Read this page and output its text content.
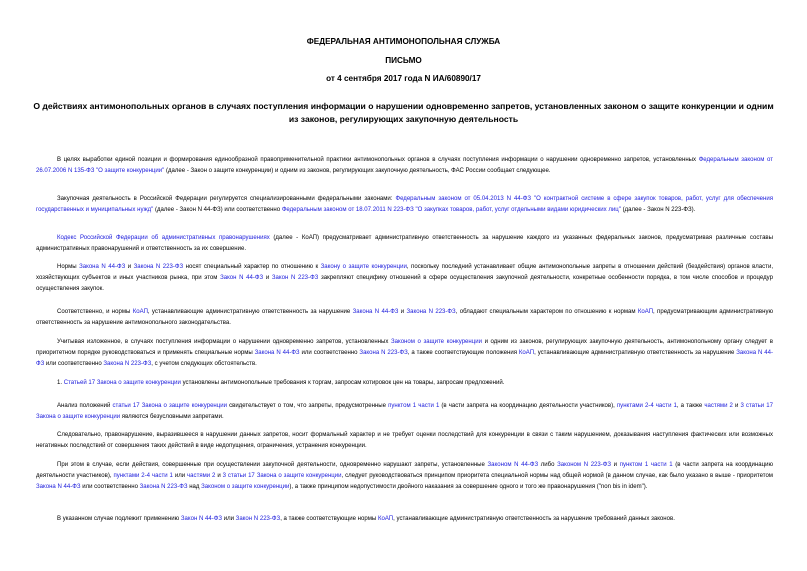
ФЕДЕРАЛЬНАЯ АНТИМОНОПОЛЬНАЯ СЛУЖБА

ПИСЬМО

от 4 сентября 2017 года N ИА/60890/17

О действиях антимонопольных органов в случаях поступления информации о нарушении одновременно запретов, установленных законом о защите конкуренции и одним из законов, регулирующих закупочную деятельность

В целях выработки единой позиции и формирования единообразной правоприменительной практики антимонопольных органов в случаях поступления информации о нарушении одновременно запретов, установленных Федеральным законом от 26.07.2006 N 135-ФЗ "О защите конкуренции" (далее - Закон о защите конкуренции) и одним из законов, регулирующих закупочную деятельность, ФАС России сообщает следующее.

Закупочная деятельность в Российской Федерации регулируется специализированными федеральными законами: Федеральным законом от 05.04.2013 N 44-ФЗ "О контрактной системе в сфере закупок товаров, работ, услуг для обеспечения государственных и муниципальных нужд" (далее - Закон N 44-ФЗ) или соответственно Федеральным законом от 18.07.2011 N 223-ФЗ "О закупках товаров, работ, услуг отдельными видами юридических лиц" (далее - Закон N 223-ФЗ).

Кодекс Российской Федерации об административных правонарушениях (далее - КоАП) предусматривает административную ответственность за нарушение каждого из указанных федеральных законов, предусматривая различные составы административных правонарушений и ответственность за их совершение.

Нормы Закона N 44-ФЗ и Закона N 223-ФЗ носят специальный характер по отношению к Закону о защите конкуренции, поскольку последний устанавливает общие антимонопольные запреты в отношении действий (бездействия) органов власти, хозяйствующих субъектов и иных участников рынка, при этом Закон N 44-ФЗ и Закон N 223-ФЗ закрепляют специфику отношений в сфере осуществления закупочной деятельности, конкретные особенности порядка, в том числе способов и процедур осуществления закупок.

Соответственно, и нормы КоАП, устанавливающие административную ответственность за нарушение Закона N 44-ФЗ и Закона N 223-ФЗ, обладают специальным характером по отношению к нормам КоАП, предусматривающим административную ответственность за нарушение антимонопольного законодательства.

Учитывая изложенное, в случаях поступления информации о нарушении одновременно запретов, установленных Законом о защите конкуренции и одним из законов, регулирующих закупочную деятельность, антимонопольному органу следует в приоритетном порядке руководствоваться и применять специальные нормы Закона N 44-ФЗ или соответственно Закона N 223-ФЗ, а также соответствующие положения КоАП, устанавливающие административную ответственность за нарушение Закона N 44-ФЗ или соответственно Закона N 223-ФЗ, с учетом следующих обстоятельств.

1. Статьей 17 Закона о защите конкуренции установлены антимонопольные требования к торгам, запросам котировок цен на товары, запросам предложений.

Анализ положений статьи 17 Закона о защите конкуренции свидетельствует о том, что запреты, предусмотренные пунктом 1 части 1 (в части запрета на координацию деятельности участников), пунктами 2-4 части 1, а также частями 2 и 3 статьи 17 Закона о защите конкуренции являются безусловными запретами.

Следовательно, правонарушение, выразившееся в нарушении данных запретов, носит формальный характер и не требует оценки последствий для конкуренции в связи с таким нарушением, доказывания наступления фактических или возможных негативных последствий от совершения таких действий в виде недопущения, ограничения, устранения конкуренции.

При этом в случае, если действия, совершенные при осуществлении закупочной деятельности, одновременно нарушают запреты, установленные Законом N 44-ФЗ либо Законом N 223-ФЗ и пунктом 1 части 1 (в части запрета на координацию деятельности участников), пунктами 2-4 части 1 или частями 2 и 3 статьи 17 Закона о защите конкуренции, следует руководствоваться принципом приоритета специальной нормы над общей нормой (в данном случае, как было указано в выше - приоритетом Закона N 44-ФЗ или соответственно Закона N 223-ФЗ над Законом о защите конкуренции), а также принципом недопустимости двойного наказания за совершение одного и того же правонарушения ("non bis in idem").

В указанном случае подлежит применению Закон N 44-ФЗ или Закон N 223-ФЗ, а также соответствующие нормы КоАП, устанавливающие административную ответственность за нарушение требований данных законов.
